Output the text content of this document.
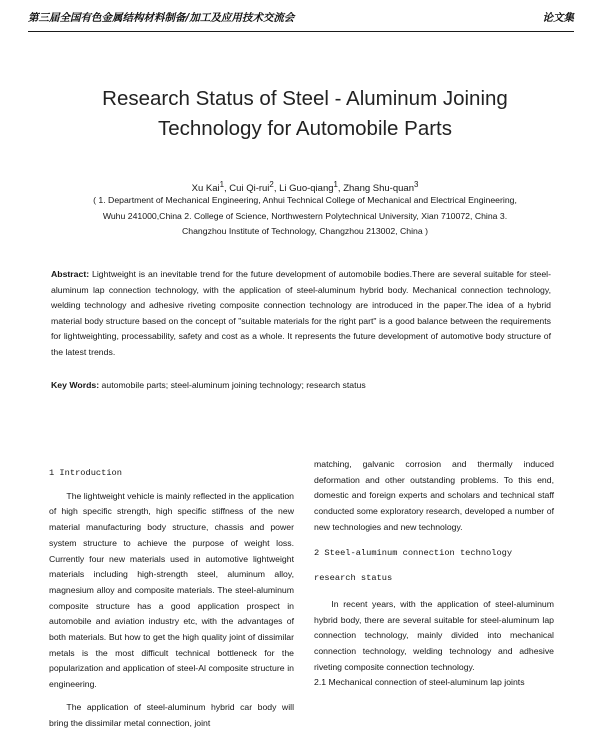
第三届全国有色金属结构材料制备/加工及应用技术交流会	论文集
Research Status of Steel - Aluminum Joining
Technology for Automobile Parts
Xu Kai$^1$, Cui Qi-rui$^2$, Li Guo-qiang$^1$, Zhang Shu-quan$^3$
( 1. Department of Mechanical Engineering, Anhui Technical College of Mechanical and Electrical Engineering,
Wuhu 241000,China 2. College of Science, Northwestern Polytechnical University, Xian 710072, China 3.
Changzhou Institute of Technology, Changzhou 213002, China )
Abstract: Lightweight is an inevitable trend for the future development of automobile bodies.There are several suitable for steel-aluminum lap connection technology, with the application of steel-aluminum hybrid body. Mechanical connection technology, welding technology and adhesive riveting composite connection technology are introduced in the paper.The idea of a hybrid material body structure based on the concept of "suitable materials for the right part" is a good balance between the requirements for lightweighting, processability, safety and cost as a whole. It represents the future development of automotive body structure of the latest trends.
Key Words: automobile parts; steel-aluminum joining technology; research status
1 Introduction

The lightweight vehicle is mainly reflected in the application of high specific strength, high specific stiffness of the new material manufacturing body structure, chassis and power system structure to achieve the purpose of weight loss. Currently four new materials used in automotive lightweight materials including high-strength steel, aluminum alloy, magnesium alloy and composite materials. The steel-aluminum composite structure has a good application prospect in automobile and aviation industry etc, with the advantages of both materials. But how to get the high quality joint of dissimilar metals is the most difficult technical bottleneck for the popularization and application of steel-Al composite structure in engineering.

The application of steel-aluminum hybrid car body will bring the dissimilar metal connection, joint

matching, galvanic corrosion and thermally induced deformation and other outstanding problems. To this end, domestic and foreign experts and scholars and technical staff conducted some exploratory research, developed a number of new technologies and new technology.

2 Steel-aluminum connection technology
research status

In recent years, with the application of steel-aluminum hybrid body, there are several suitable for steel-aluminum lap connection technology, mainly divided into mechanical connection technology, welding technology and adhesive riveting composite connection technology.

2.1 Mechanical connection of steel-aluminum lap joints
